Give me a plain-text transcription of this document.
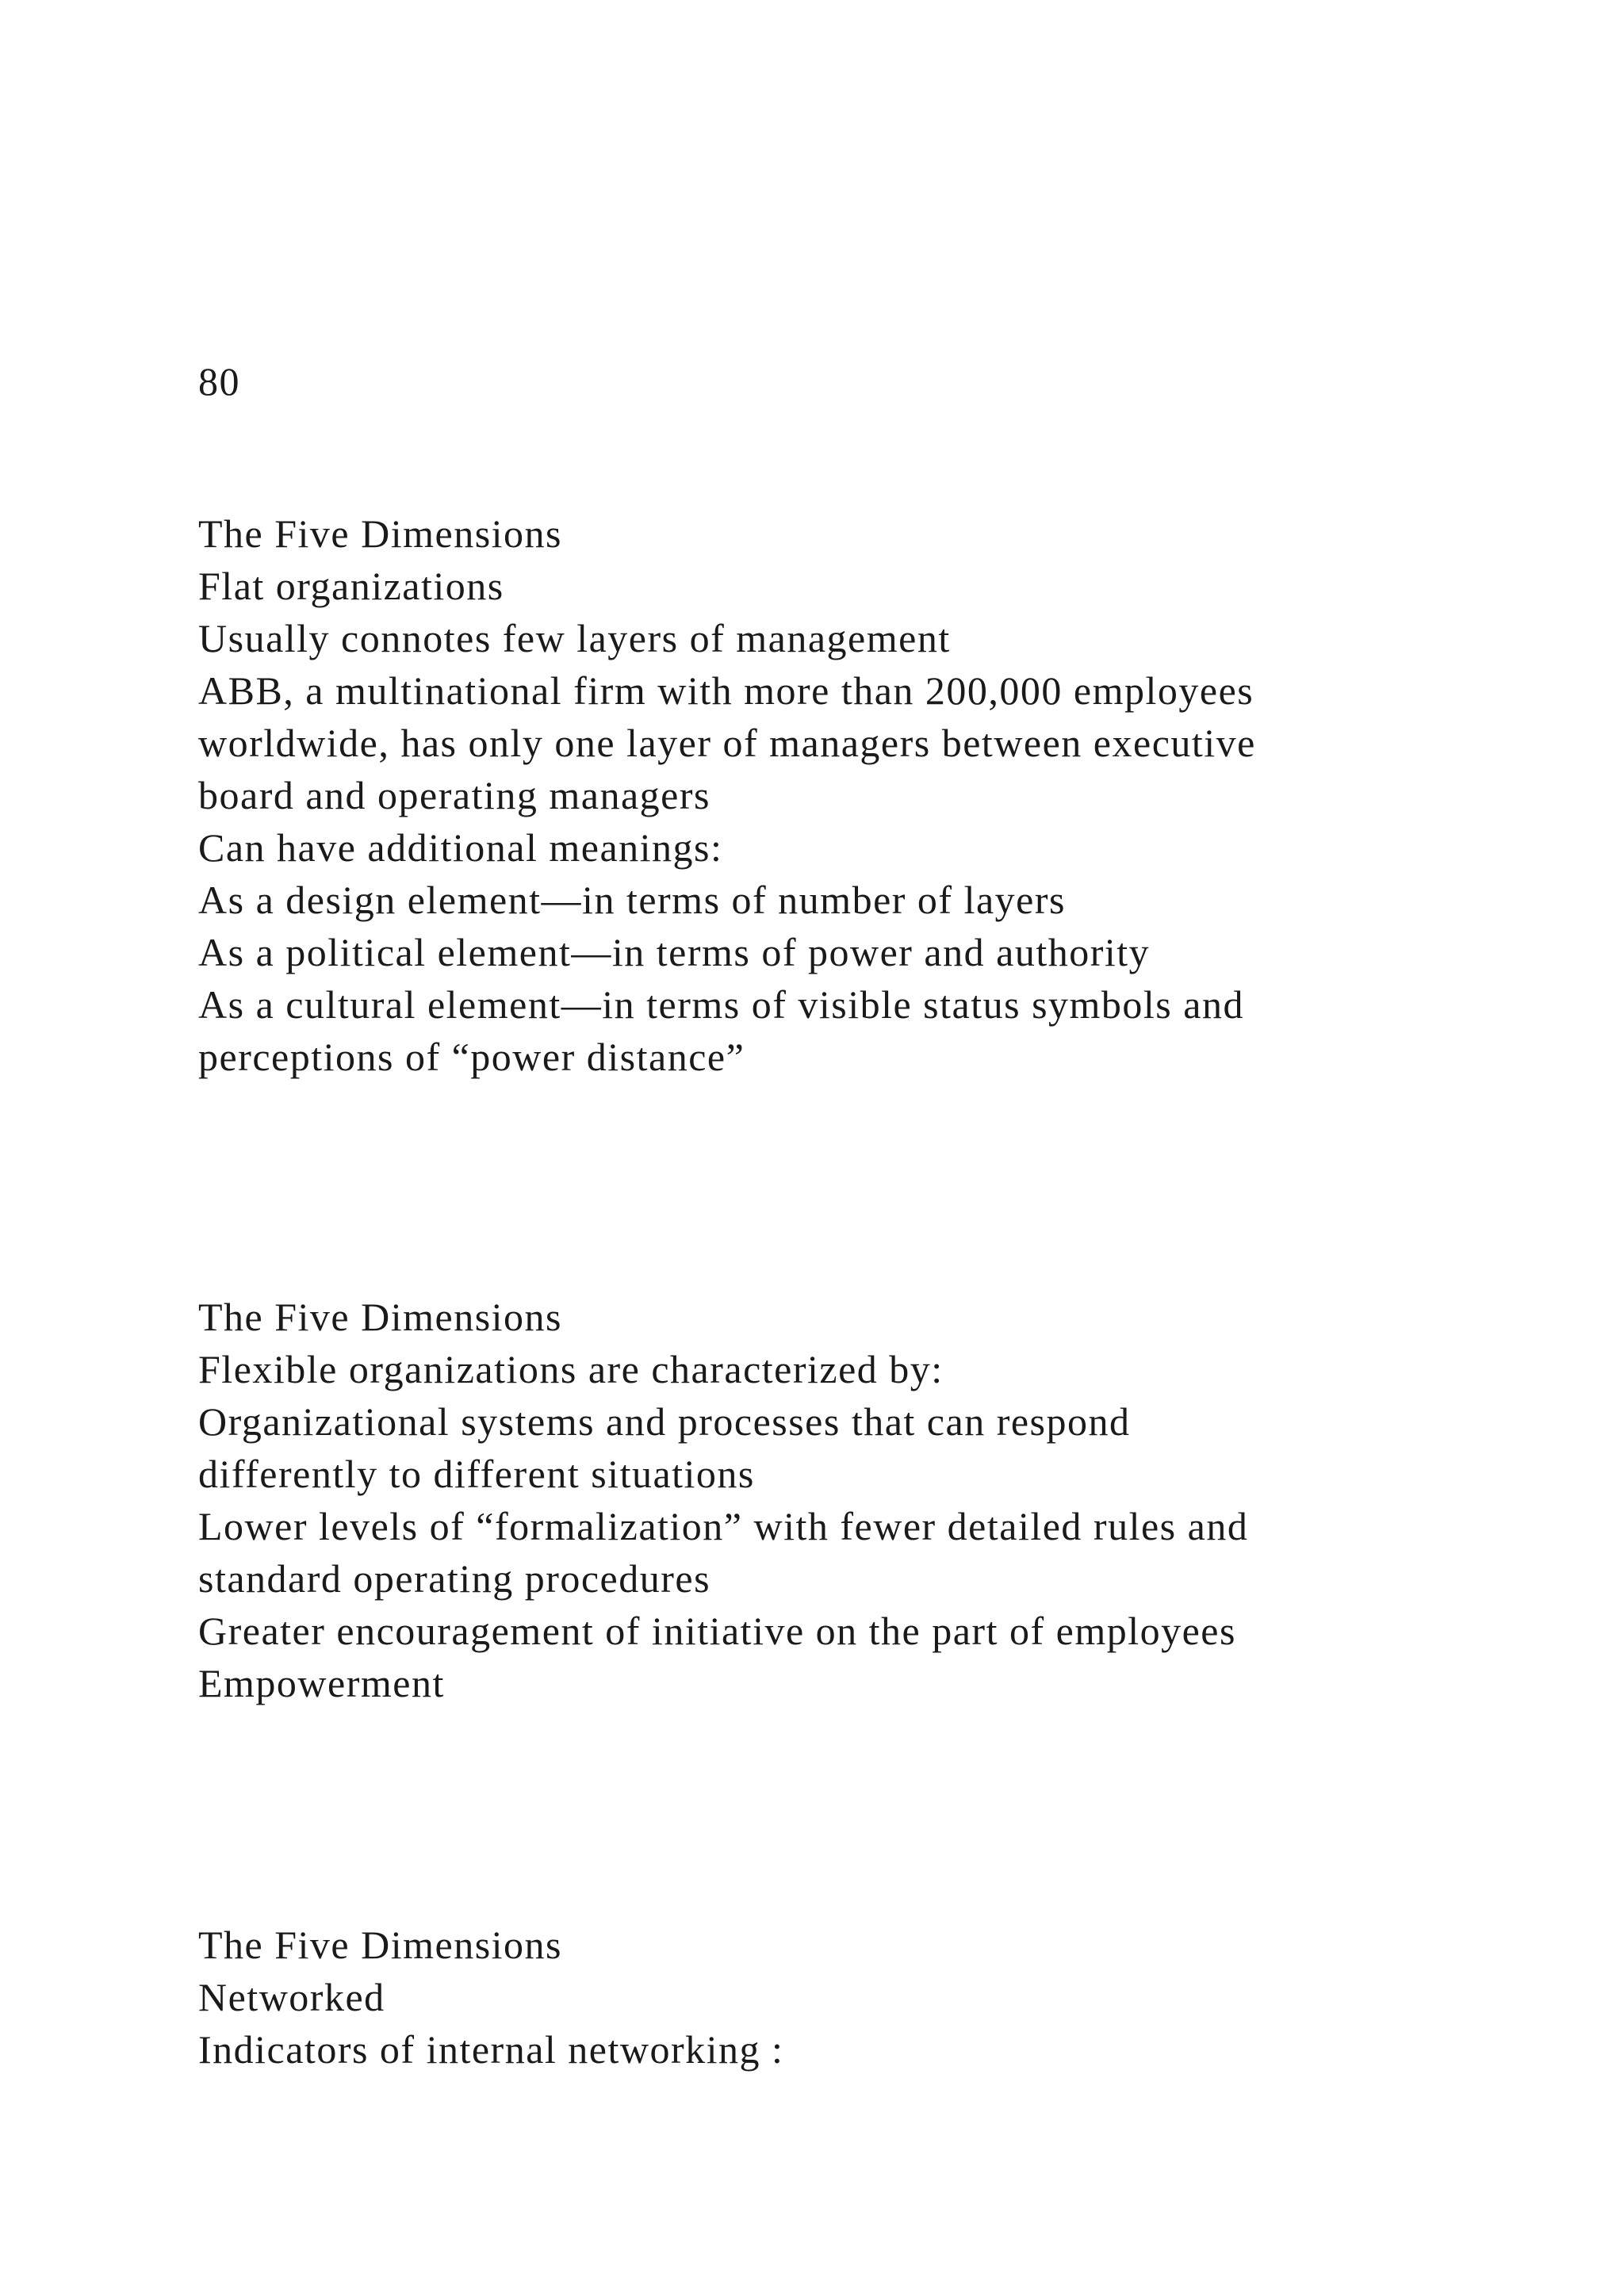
80

The Five Dimensions

Flat organizations

Usually connotes few layers of management

ABB, a multinational firm with more than 200,000 employees

worldwide, has only one layer of managers between executive

board and operating managers

Can have additional meanings:

As a design element—in terms of number of layers

As a political element—in terms of power and authority

As a cultural element—in terms of visible status symbols and

perceptions of “power distance”

The Five Dimensions

Flexible organizations are characterized by:

Organizational systems and processes that can respond

differently to different situations

Lower levels of “formalization” with fewer detailed rules and

standard operating procedures

Greater encouragement of initiative on the part of employees

Empowerment

The Five Dimensions

Networked

Indicators of internal networking :
